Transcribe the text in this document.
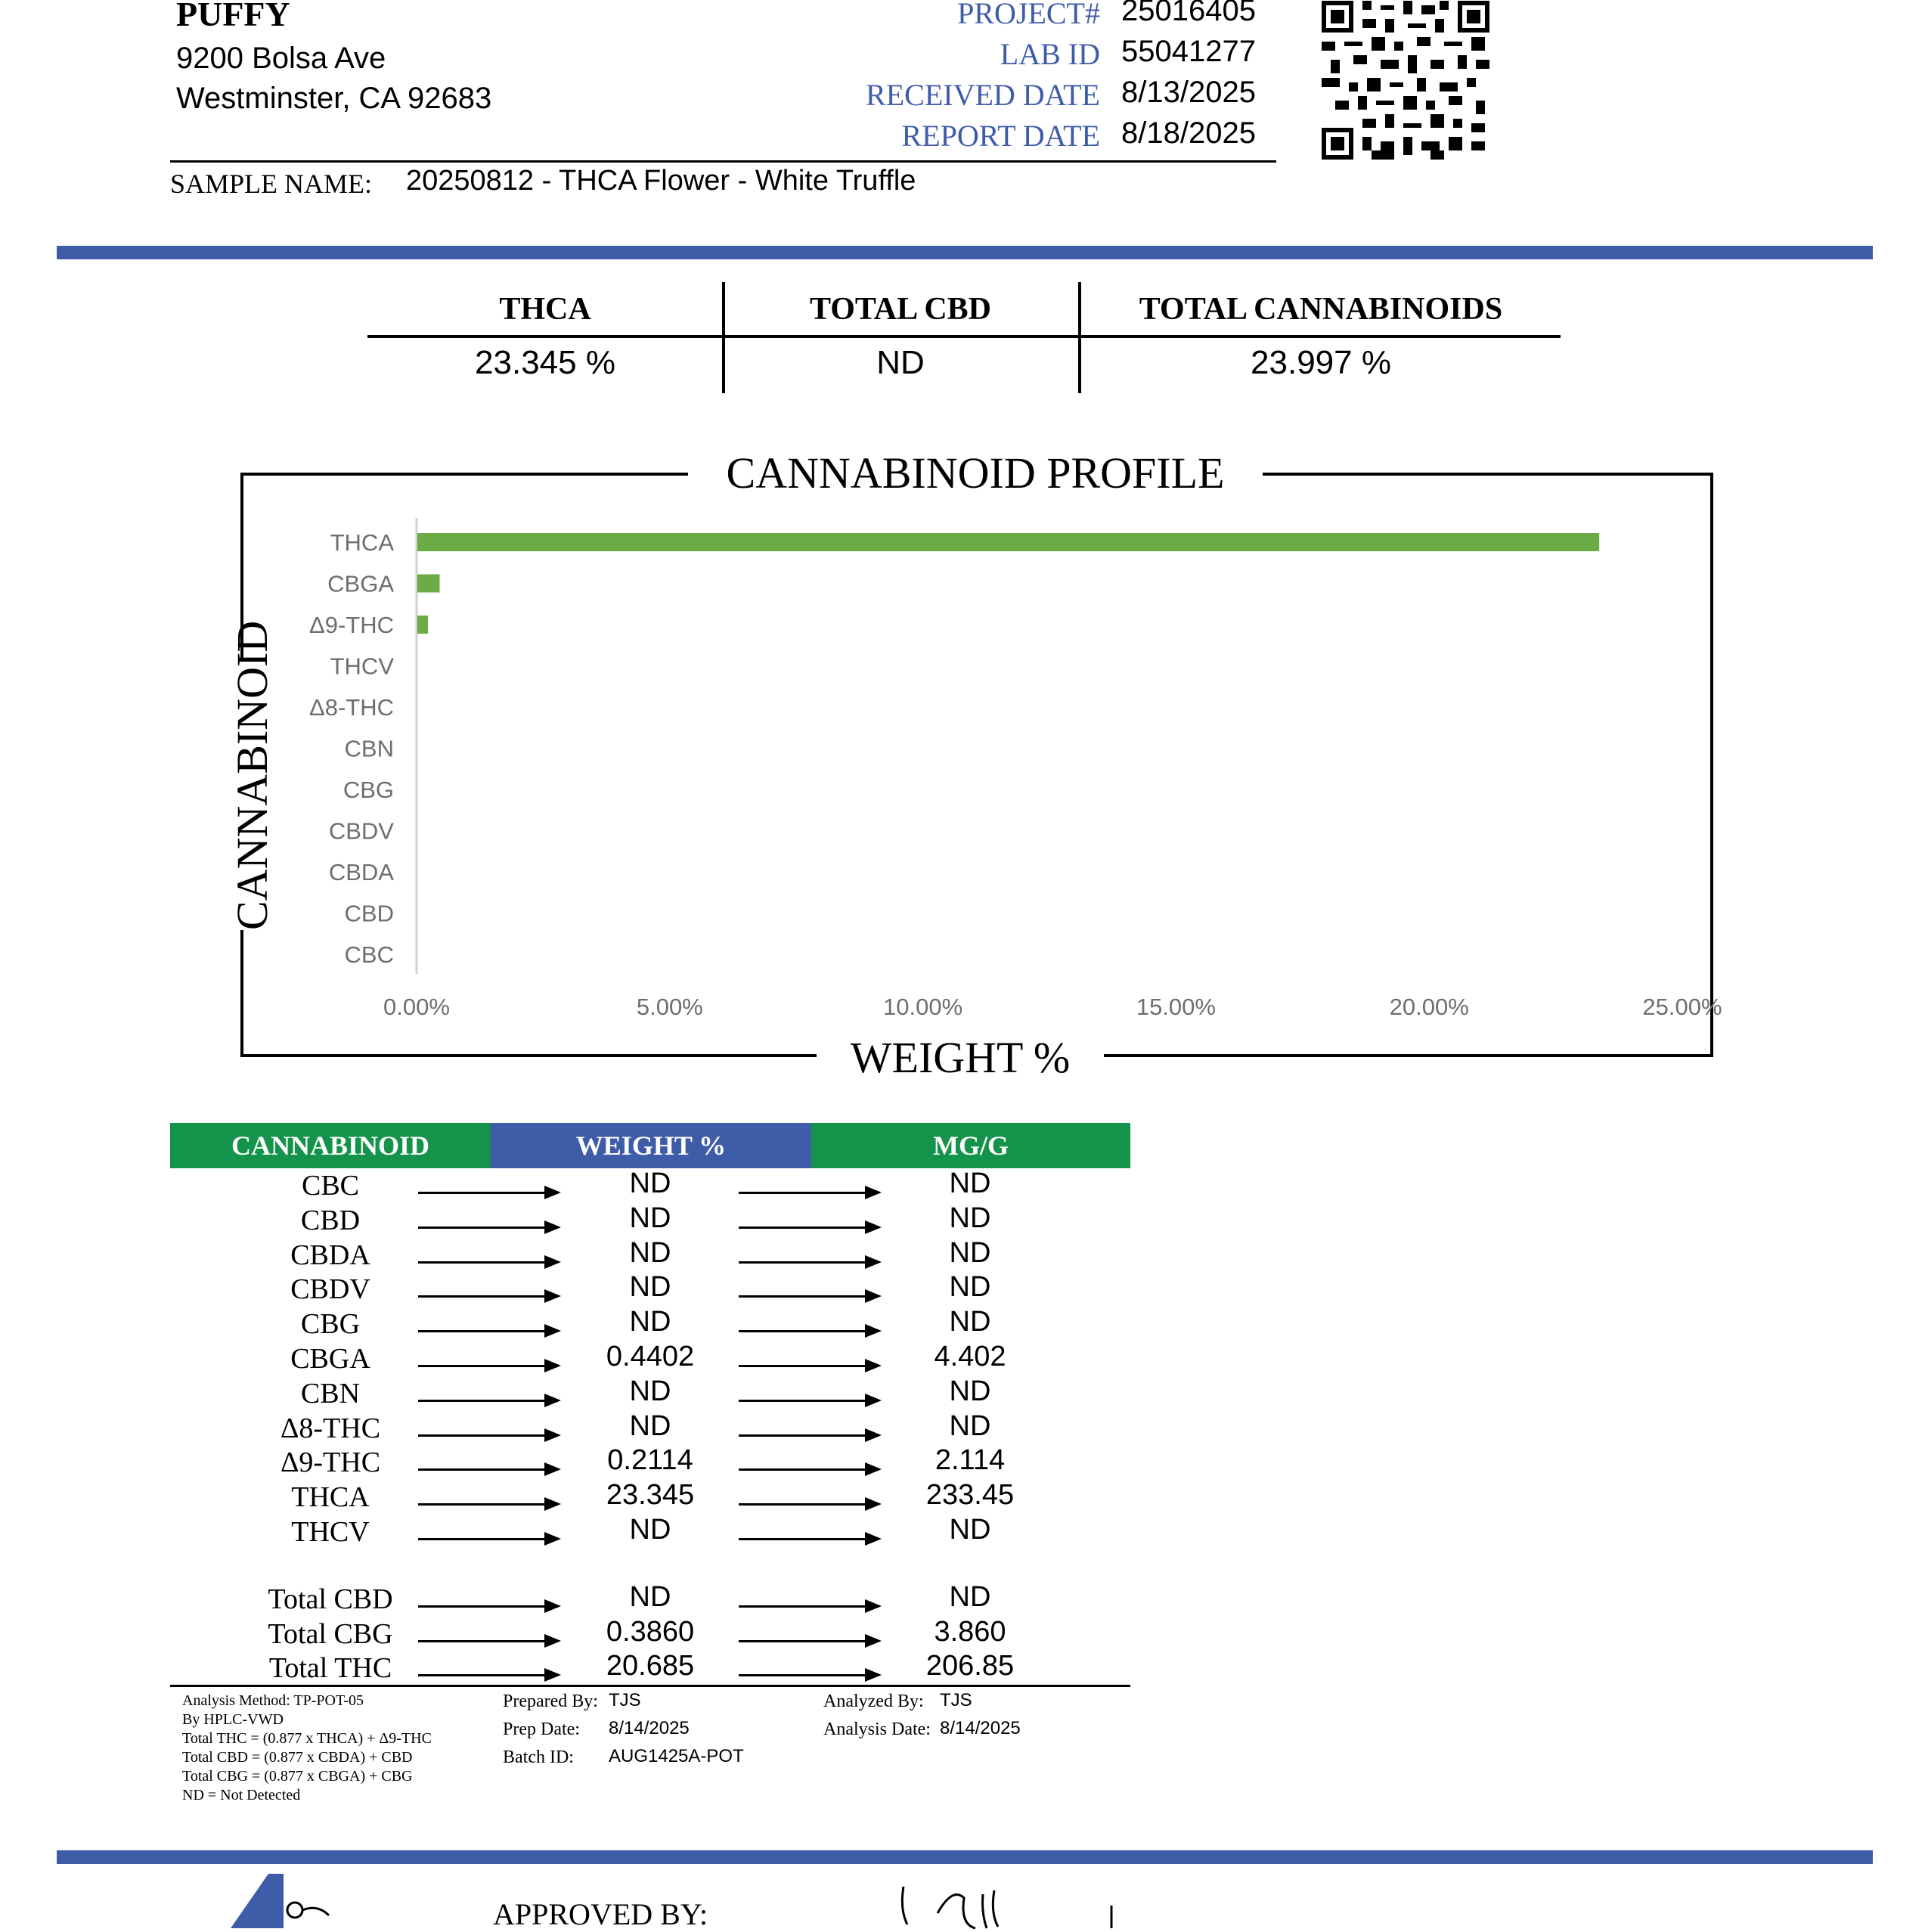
PUFFY
9200 Bolsa Ave
Westminster, CA 92683
PROJECT# 25016405
LAB ID 55041277
RECEIVED DATE 8/13/2025
REPORT DATE 8/18/2025
SAMPLE NAME: 20250812 - THCA Flower - White Truffle
THCA
23.345 %
TOTAL CBD
ND
TOTAL CANNABINOIDS
23.997 %
CANNABINOID PROFILE
WEIGHT %
CANNABINOID
THCA
CBGA
Δ9-THC
THCV
Δ8-THC
CBN
CBG
CBDV
CBDA
CBD
CBC
0.00%	5.00%	10.00%	15.00%	20.00%	25.00%
CANNABINOID	WEIGHT %	MG/G
CBC	ND	ND
CBD	ND	ND
CBDA	ND	ND
CBDV	ND	ND
CBG	ND	ND
CBGA	0.4402	4.402
CBN	ND	ND
Δ8-THC	ND	ND
Δ9-THC	0.2114	2.114
THCA	23.345	233.45
THCV	ND	ND
Total CBD	ND	ND
Total CBG	0.3860	3.860
Total THC	20.685	206.85
Analysis Method: TP-POT-05
By HPLC-VWD
Total THC = (0.877 x THCA) + Δ9-THC
Total CBD = (0.877 x CBDA) + CBD
Total CBG = (0.877 x CBGA) + CBG
ND = Not Detected
Prepared By: TJS
Prep Date: 8/14/2025
Batch ID: AUG1425A-POT
Analyzed By: TJS
Analysis Date: 8/14/2025
APPROVED BY:
